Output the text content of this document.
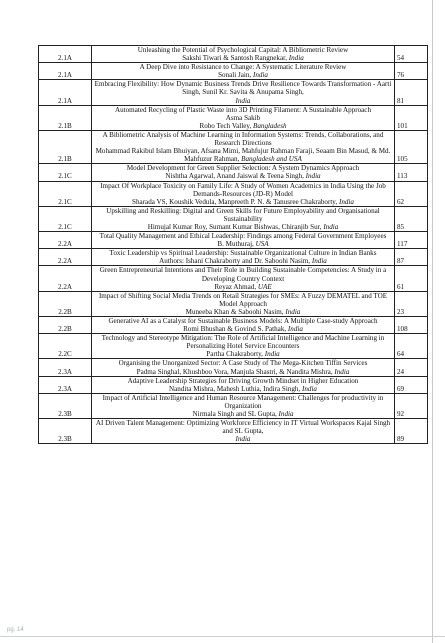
2.1A	Unleashing the Potential of Psychological Capital: A Bibliometric Review
Sakshi Tiwari & Santosh Rangnekar, India	54
2.1A	A Deep Dive into Resistance to Change: A Systematic Literature Review
Sonali Jain, India	76
2.1A	Embracing Flexibility: How Dynamic Business Trends Drive Resilience Towards Transformation - Aarti Singh, Sunil Kr. Savita & Anupama Singh,
India	81
2.1B	Automated Recycling of Plastic Waste into 3D Printing Filament: A Sustainable Approach
Asma Sakib
Robo Tech Valley, Bangladesh	101
2.1B	A Bibliometric Analysis of Machine Learning in Information Systems: Trends, Collaborations, and Research Directions
Mohammad Rakibul Islam Bhuiyan, Afsana Mimi, Mahfujur Rahman Faraji, Seaam Bin Masud, & Md. Mahfuzur Rahman, Bangladesh and USA	105
2.1C	Model Development for Green Supplier Selection: A System Dynamics Approach
Nishtha Agarwal, Anand Jaiswal & Teena Singh, India	113
2.1C	Impact Of Workplace Toxicity on Family Life: A Study of Women Academics in India Using the Job Demands-Resources (JD-R) Model
Sharada VS, Koushik Vedula, Manpreeth P. N. & Tanusree Chakraborty, India	62
2.1C	Upskilling and Reskilling: Digital and Green Skills for Future Employability and Organisational Sustainability
Himujal Kumar Roy, Sumant Kumar Bishwas, Chiranjib Sur, India	85
2.2A	Total Quality Management and Ethical Leadership: Findings among Federal Government Employees
B. Muthuraj, USA	117
2.2A	Toxic Leadership vs Spiritual Leadership: Sustainable Organizational Culture in Indian Banks
Authors: Ishani Chakraborty and Dr. Saboohi Nasim, India	87
2.2A	Green Entrepreneurial Intentions and Their Role in Building Sustainable Competencies: A Study in a Developing Country Context
Reyaz Ahmad, UAE	61
2.2B	Impact of Shifting Social Media Trends on Retail Strategies for SMEs: A Fuzzy DEMATEL and TOE Model Approach
Muneeba Khan & Saboohi Nasim, India	23
2.2B	Generative AI as a Catalyst for Sustainable Business Models: A Multiple Case-study Approach
Romi Bhushan & Govind S. Pathak, India	108
2.2C	Technology and Stereotype Mitigation: The Role of Artificial Intelligence and Machine Learning in Personalizing Hotel Service Encounters
Partha Chakraborty, India	64
2.3A	Organising the Unorganized Sector: A Case Study of The Mega-Kitchen Tiffin Services
Padma Singhal, Khushboo Vora, Manjula Shastri, & Nandita Mishra, India	24
2.3A	Adaptive Leadership Strategies for Driving Growth Mindset in Higher Education
Nandita Mishra, Mahesh Luthia, Indira Singh, India	69
2.3B	Impact of Artificial Intelligence and Human Resource Management: Challenges for productivity in Organization
Nirmala Singh and SL Gupta, India	92
2.3B	AI Driven Talent Management: Optimizing Workforce Efficiency in IT Virtual Workspaces Kajal Singh and SL Gupta,
India	89
pg. 14
